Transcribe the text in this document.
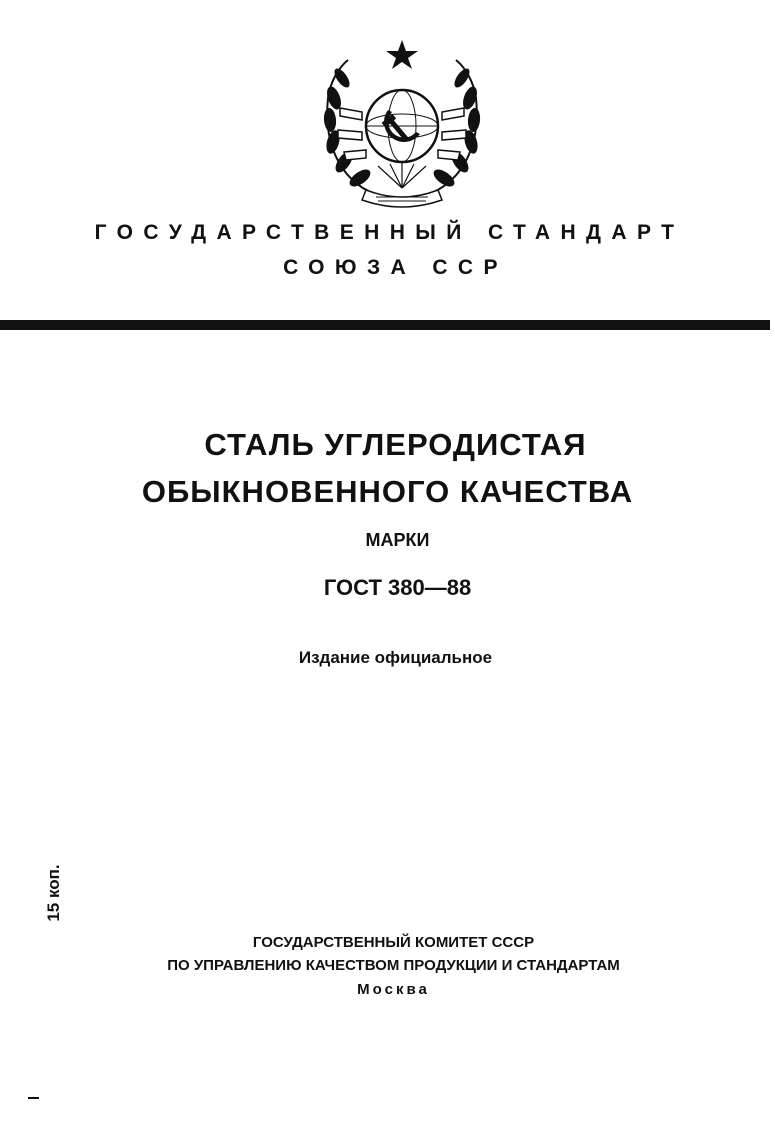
ГОСУДАРСТВЕННЫЙ СТАНДАРТ
СОЮЗА ССР
СТАЛЬ УГЛЕРОДИСТАЯ
ОБЫКНОВЕННОГО КАЧЕСТВА
МАРКИ
ГОСТ 380—88
Издание официальное
15 коп.
ГОСУДАРСТВЕННЫЙ КОМИТЕТ СССР
ПО УПРАВЛЕНИЮ КАЧЕСТВОМ ПРОДУКЦИИ И СТАНДАРТАМ
Москва
